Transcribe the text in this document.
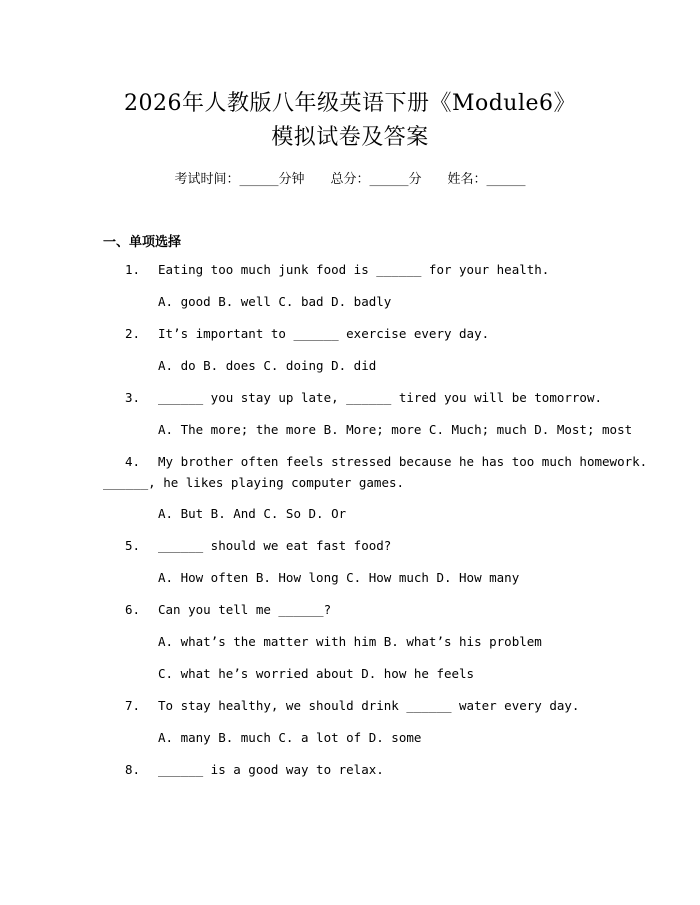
2026年人教版八年级英语下册《Module6》
模拟试卷及答案
考试时间：______分钟 总分：______分 姓名：______
一、单项选择
1. Eating too much junk food is ______ for your health.
A. good B. well C. bad D. badly
2. It’s important to ______ exercise every day.
A. do B. does C. doing D. did
3. ______ you stay up late, ______ tired you will be tomorrow.
A. The more; the more B. More; more C. Much; much D. Most; most
4. My brother often feels stressed because he has too much homework.
______, he likes playing computer games.
A. But B. And C. So D. Or
5. ______ should we eat fast food?
A. How often B. How long C. How much D. How many
6. Can you tell me ______?
A. what’s the matter with him B. what’s his problem
C. what he’s worried about D. how he feels
7. To stay healthy, we should drink ______ water every day.
A. many B. much C. a lot of D. some
8. ______ is a good way to relax.
